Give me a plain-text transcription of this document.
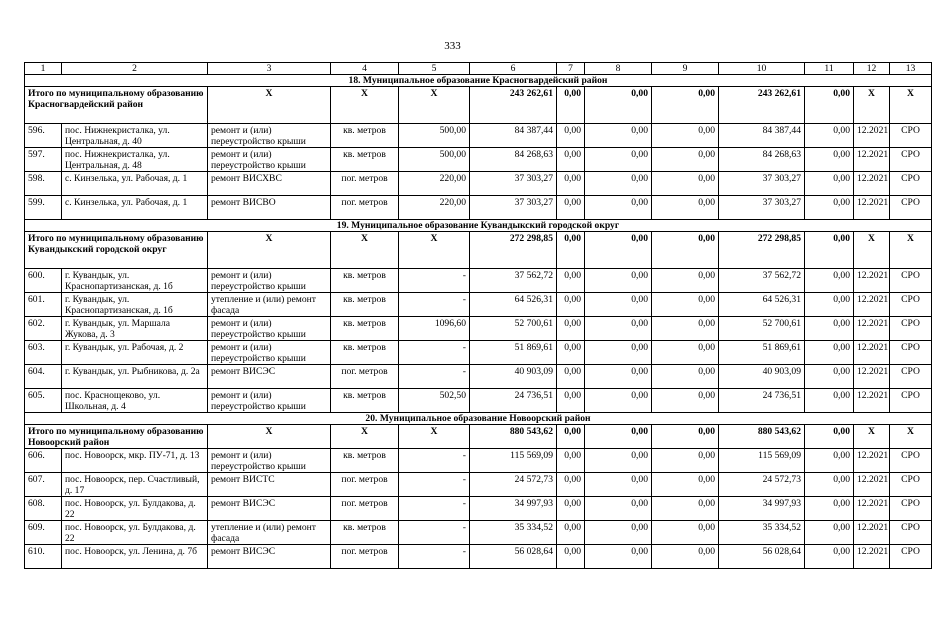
333
1	2	3	4	5	6	7	8	9	10	11	12	13
18. Муниципальное образование Красногвардейский район												
Итого по муниципальному образованию Красногвардейский район		X	X	X	243 262,61	0,00	0,00	0,00	243 262,61	0,00	X	X
596.	пос. Нижнекристалка, ул. Центральная, д. 40	ремонт и (или) переустройство крыши	кв. метров	500,00	84 387,44	0,00	0,00	0,00	84 387,44	0,00	12.2021	СРО
597.	пос. Нижнекристалка, ул. Центральная, д. 48	ремонт и (или) переустройство крыши	кв. метров	500,00	84 268,63	0,00	0,00	0,00	84 268,63	0,00	12.2021	СРО
598.	с. Кинзелька, ул. Рабочая, д. 1	ремонт ВИСХВС	пог. метров	220,00	37 303,27	0,00	0,00	0,00	37 303,27	0,00	12.2021	СРО
599.	с. Кинзелька, ул. Рабочая, д. 1	ремонт ВИСВО	пог. метров	220,00	37 303,27	0,00	0,00	0,00	37 303,27	0,00	12.2021	СРО
19. Муниципальное образование Кувандыкский городской округ												
Итого по муниципальному образованию Кувандыкский городской округ		X	X	X	272 298,85	0,00	0,00	0,00	272 298,85	0,00	X	X
600.	г. Кувандык, ул. Краснопартизанская, д. 1б	ремонт и (или) переустройство крыши	кв. метров	-	37 562,72	0,00	0,00	0,00	37 562,72	0,00	12.2021	СРО
601.	г. Кувандык, ул. Краснопартизанская, д. 1б	утепление и (или) ремонт фасада	кв. метров	-	64 526,31	0,00	0,00	0,00	64 526,31	0,00	12.2021	СРО
602.	г. Кувандык, ул. Маршала Жукова, д. 3	ремонт и (или) переустройство крыши	кв. метров	1096,60	52 700,61	0,00	0,00	0,00	52 700,61	0,00	12.2021	СРО
603.	г. Кувандык, ул. Рабочая, д. 2	ремонт и (или) переустройство крыши	кв. метров	-	51 869,61	0,00	0,00	0,00	51 869,61	0,00	12.2021	СРО
604.	г. Кувандык, ул. Рыбникова, д. 2а	ремонт ВИСЭС	пог. метров	-	40 903,09	0,00	0,00	0,00	40 903,09	0,00	12.2021	СРО
605.	пос. Краснощеково, ул. Школьная, д. 4	ремонт и (или) переустройство крыши	кв. метров	502,50	24 736,51	0,00	0,00	0,00	24 736,51	0,00	12.2021	СРО
20. Муниципальное образование Новоорский район												
Итого по муниципальному образованию Новоорский район		X	X	X	880 543,62	0,00	0,00	0,00	880 543,62	0,00	X	X
606.	пос. Новоорск, мкр. ПУ-71, д. 13	ремонт и (или) переустройство крыши	кв. метров	-	115 569,09	0,00	0,00	0,00	115 569,09	0,00	12.2021	СРО
607.	пос. Новоорск, пер. Счастливый, д. 17	ремонт ВИСТС	пог. метров	-	24 572,73	0,00	0,00	0,00	24 572,73	0,00	12.2021	СРО
608.	пос. Новоорск, ул. Булдакова, д. 22	ремонт ВИСЭС	пог. метров	-	34 997,93	0,00	0,00	0,00	34 997,93	0,00	12.2021	СРО
609.	пос. Новоорск, ул. Булдакова, д. 22	утепление и (или) ремонт фасада	кв. метров	-	35 334,52	0,00	0,00	0,00	35 334,52	0,00	12.2021	СРО
610.	пос. Новоорск, ул. Ленина, д. 7б	ремонт ВИСЭС	пог. метров	-	56 028,64	0,00	0,00	0,00	56 028,64	0,00	12.2021	СРО
